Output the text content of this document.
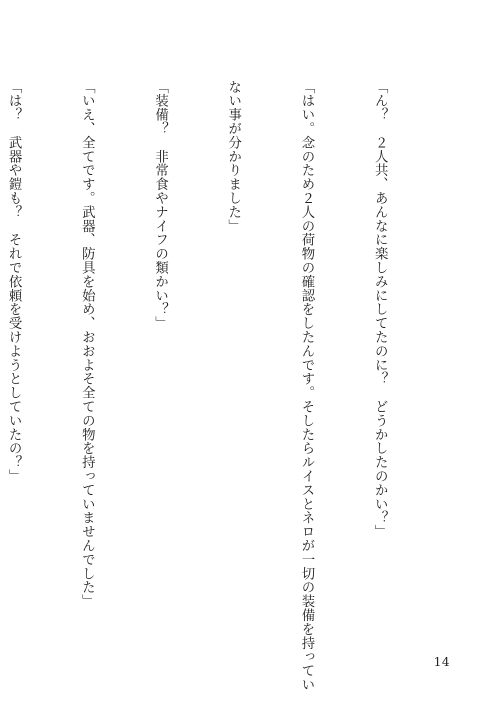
「ん？　２人共、あんなに楽しみにしてたのに？　どうかしたのかい？」

「はい。念のため２人の荷物の確認をしたんです。そしたらルイスとネロが一切の装備を持ってい

ない事が分かりました」

「装備？　非常食やナイフの類かい？」

「いえ、全てです。武器、防具を始め、おおよそ全ての物を持っていませんでした」

「は？　武器や鎧も？　それで依頼を受けようとしていたの？」

14
